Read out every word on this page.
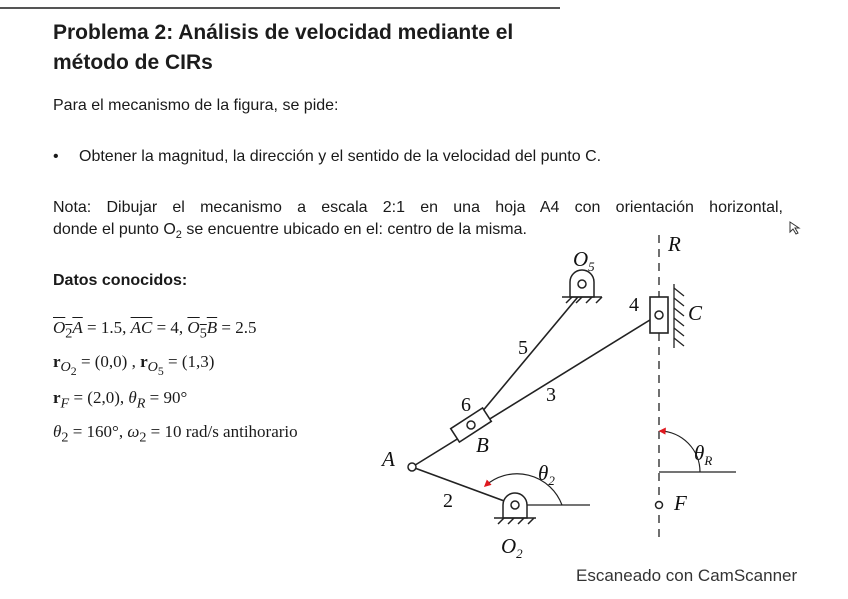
Problema 2: Análisis de velocidad mediante el
método de CIRs
Para el mecanismo de la figura, se pide:
•	Obtener la magnitud, la dirección y el sentido de la velocidad del punto C.
Nota: Dibujar el mecanismo a escala 2:1 en una hoja A4 con orientación horizontal,
donde el punto $O_2$ se encuentre ubicado en el: centro de la misma.
Datos conocidos:
$O_2A = 1.5$, $\overline{AC} = 4$, $O_5B = 2.5$
$r_{O_2} = (0,0)$ , $r_{O_5} = (1,3)$
$r_F = (2,0)$, $\theta_R = 90^\circ$
$\theta_2 = 160^\circ$, $\omega_2 = 10$ rad/s antihorario
$O_5$
R
C
4
5
3
6
B
A
2
$\theta_2$
$\theta_R$
F
$O_2$
Escaneado con CamScanner
